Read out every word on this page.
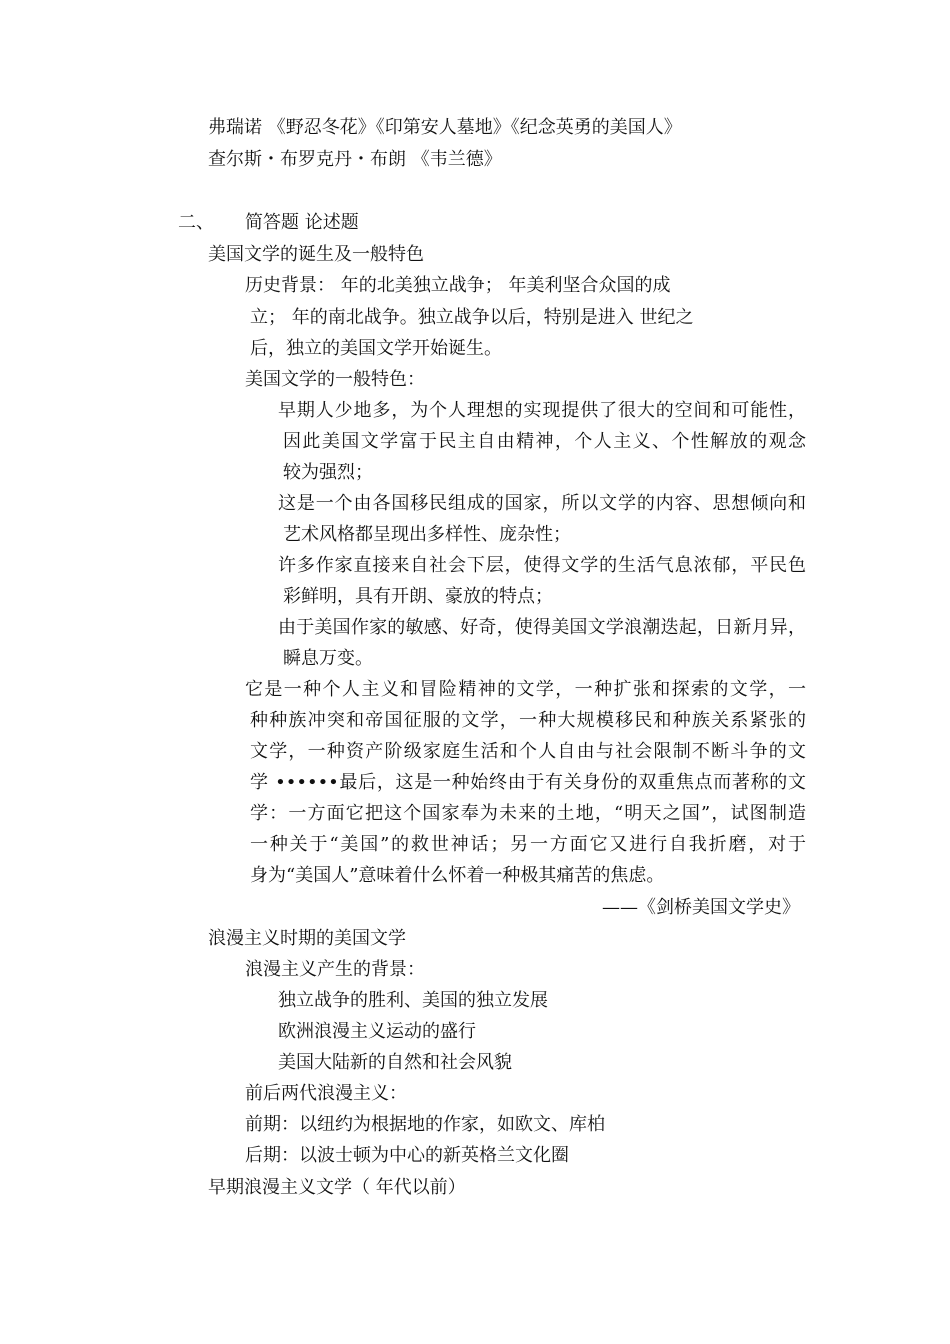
弗瑞诺 《野忍冬花》《印第安人墓地》《纪念英勇的美国人》
查尔斯・布罗克丹・布朗 《韦兰德》
二、 简答题 论述题
美国文学的诞生及一般特色
历史背景： 年的北美独立战争； 年美利坚合众国的成
立； 年的南北战争。独立战争以后，特别是进入 世纪之
后，独立的美国文学开始诞生。
美国文学的一般特色：
早期人少地多，为个人理想的实现提供了很大的空间和可能性，
因此美国文学富于民主自由精神，个人主义、个性解放的观念
较为强烈；
这是一个由各国移民组成的国家，所以文学的内容、思想倾向和
艺术风格都呈现出多样性、庞杂性；
许多作家直接来自社会下层，使得文学的生活气息浓郁，平民色
彩鲜明，具有开朗、豪放的特点；
由于美国作家的敏感、好奇，使得美国文学浪潮迭起，日新月异，
瞬息万变。
它是一种个人主义和冒险精神的文学，一种扩张和探索的文学，一
种种族冲突和帝国征服的文学，一种大规模移民和种族关系紧张的
文学，一种资产阶级家庭生活和个人自由与社会限制不断斗争的文
学 ••••••最后，这是一种始终由于有关身份的双重焦点而著称的文
学：一方面它把这个国家奉为未来的土地，“明天之国”，试图制造
一种关于“美国”的救世神话；另一方面它又进行自我折磨，对于
身为“美国人”意味着什么怀着一种极其痛苦的焦虑。
——《剑桥美国文学史》
浪漫主义时期的美国文学
浪漫主义产生的背景：
独立战争的胜利、美国的独立发展
欧洲浪漫主义运动的盛行
美国大陆新的自然和社会风貌
前后两代浪漫主义：
前期：以纽约为根据地的作家，如欧文、库柏
后期：以波士顿为中心的新英格兰文化圈
早期浪漫主义文学（ 年代以前）
